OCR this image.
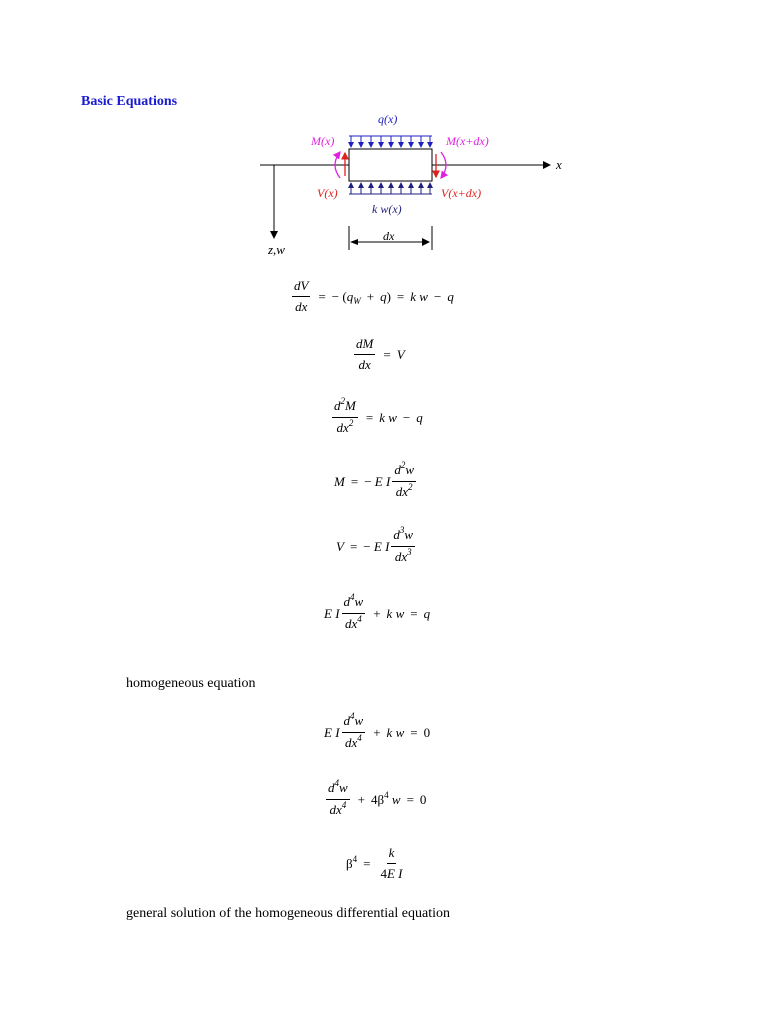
Basic Equations
x
z,w
q(x)
k w(x)
M(x)	M(x+dx)
V(x)	V(x+dx)
dx
$\frac{dV}{dx}$ = − ( q W + q ) = k w − q
$\frac{dM}{dx} = V$
$\frac{d^2M}{dx^2} = k$ w − q
M = − E I $\frac{d^2w}{dx^2}$
V = − E I $\frac{d^3w}{dx^3}$
E I $\frac{d^4w}{dx^4} + k$ w = q
homogeneous equation
E I $\frac{d^4w}{dx^4} + k$ w = 0
$\frac{d^4w}{dx^4} + 4\beta^4$ w = 0
$\beta^4 = \frac{k}{\text{4E I}}$
general solution of the homogeneous differential equation
